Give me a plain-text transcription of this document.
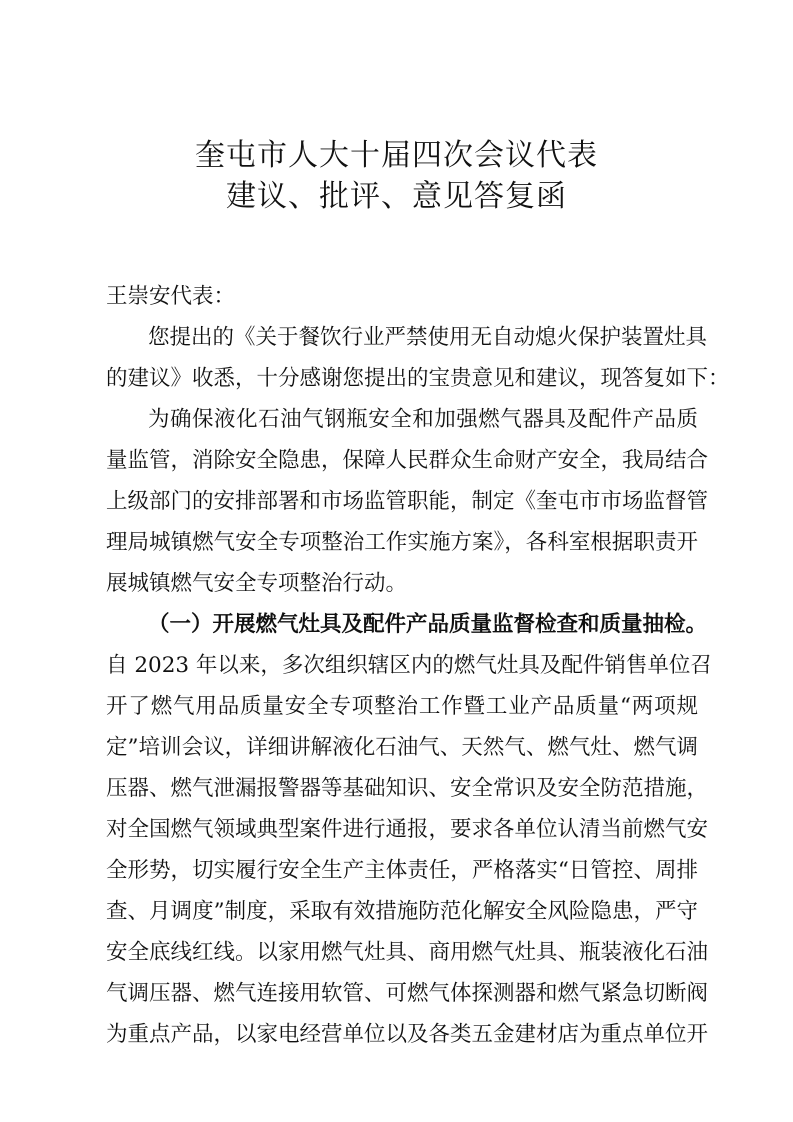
奎屯市人大十届四次会议代表
建议、批评、意见答复函
王崇安代表：
您提出的《关于餐饮行业严禁使用无自动熄火保护装置灶具
的建议》收悉，十分感谢您提出的宝贵意见和建议，现答复如下：
为确保液化石油气钢瓶安全和加强燃气器具及配件产品质
量监管，消除安全隐患，保障人民群众生命财产安全，我局结合
上级部门的安排部署和市场监管职能，制定《奎屯市市场监督管
理局城镇燃气安全专项整治工作实施方案》，各科室根据职责开
展城镇燃气安全专项整治行动。
（一）开展燃气灶具及配件产品质量监督检查和质量抽检。
自 2023 年以来，多次组织辖区内的燃气灶具及配件销售单位召
开了燃气用品质量安全专项整治工作暨工业产品质量“两项规
定”培训会议，详细讲解液化石油气、天然气、燃气灶、燃气调
压器、燃气泄漏报警器等基础知识、安全常识及安全防范措施，
对全国燃气领域典型案件进行通报，要求各单位认清当前燃气安
全形势，切实履行安全生产主体责任，严格落实“日管控、周排
查、月调度”制度，采取有效措施防范化解安全风险隐患，严守
安全底线红线。以家用燃气灶具、商用燃气灶具、瓶装液化石油
气调压器、燃气连接用软管、可燃气体探测器和燃气紧急切断阀
为重点产品，以家电经营单位以及各类五金建材店为重点单位开
